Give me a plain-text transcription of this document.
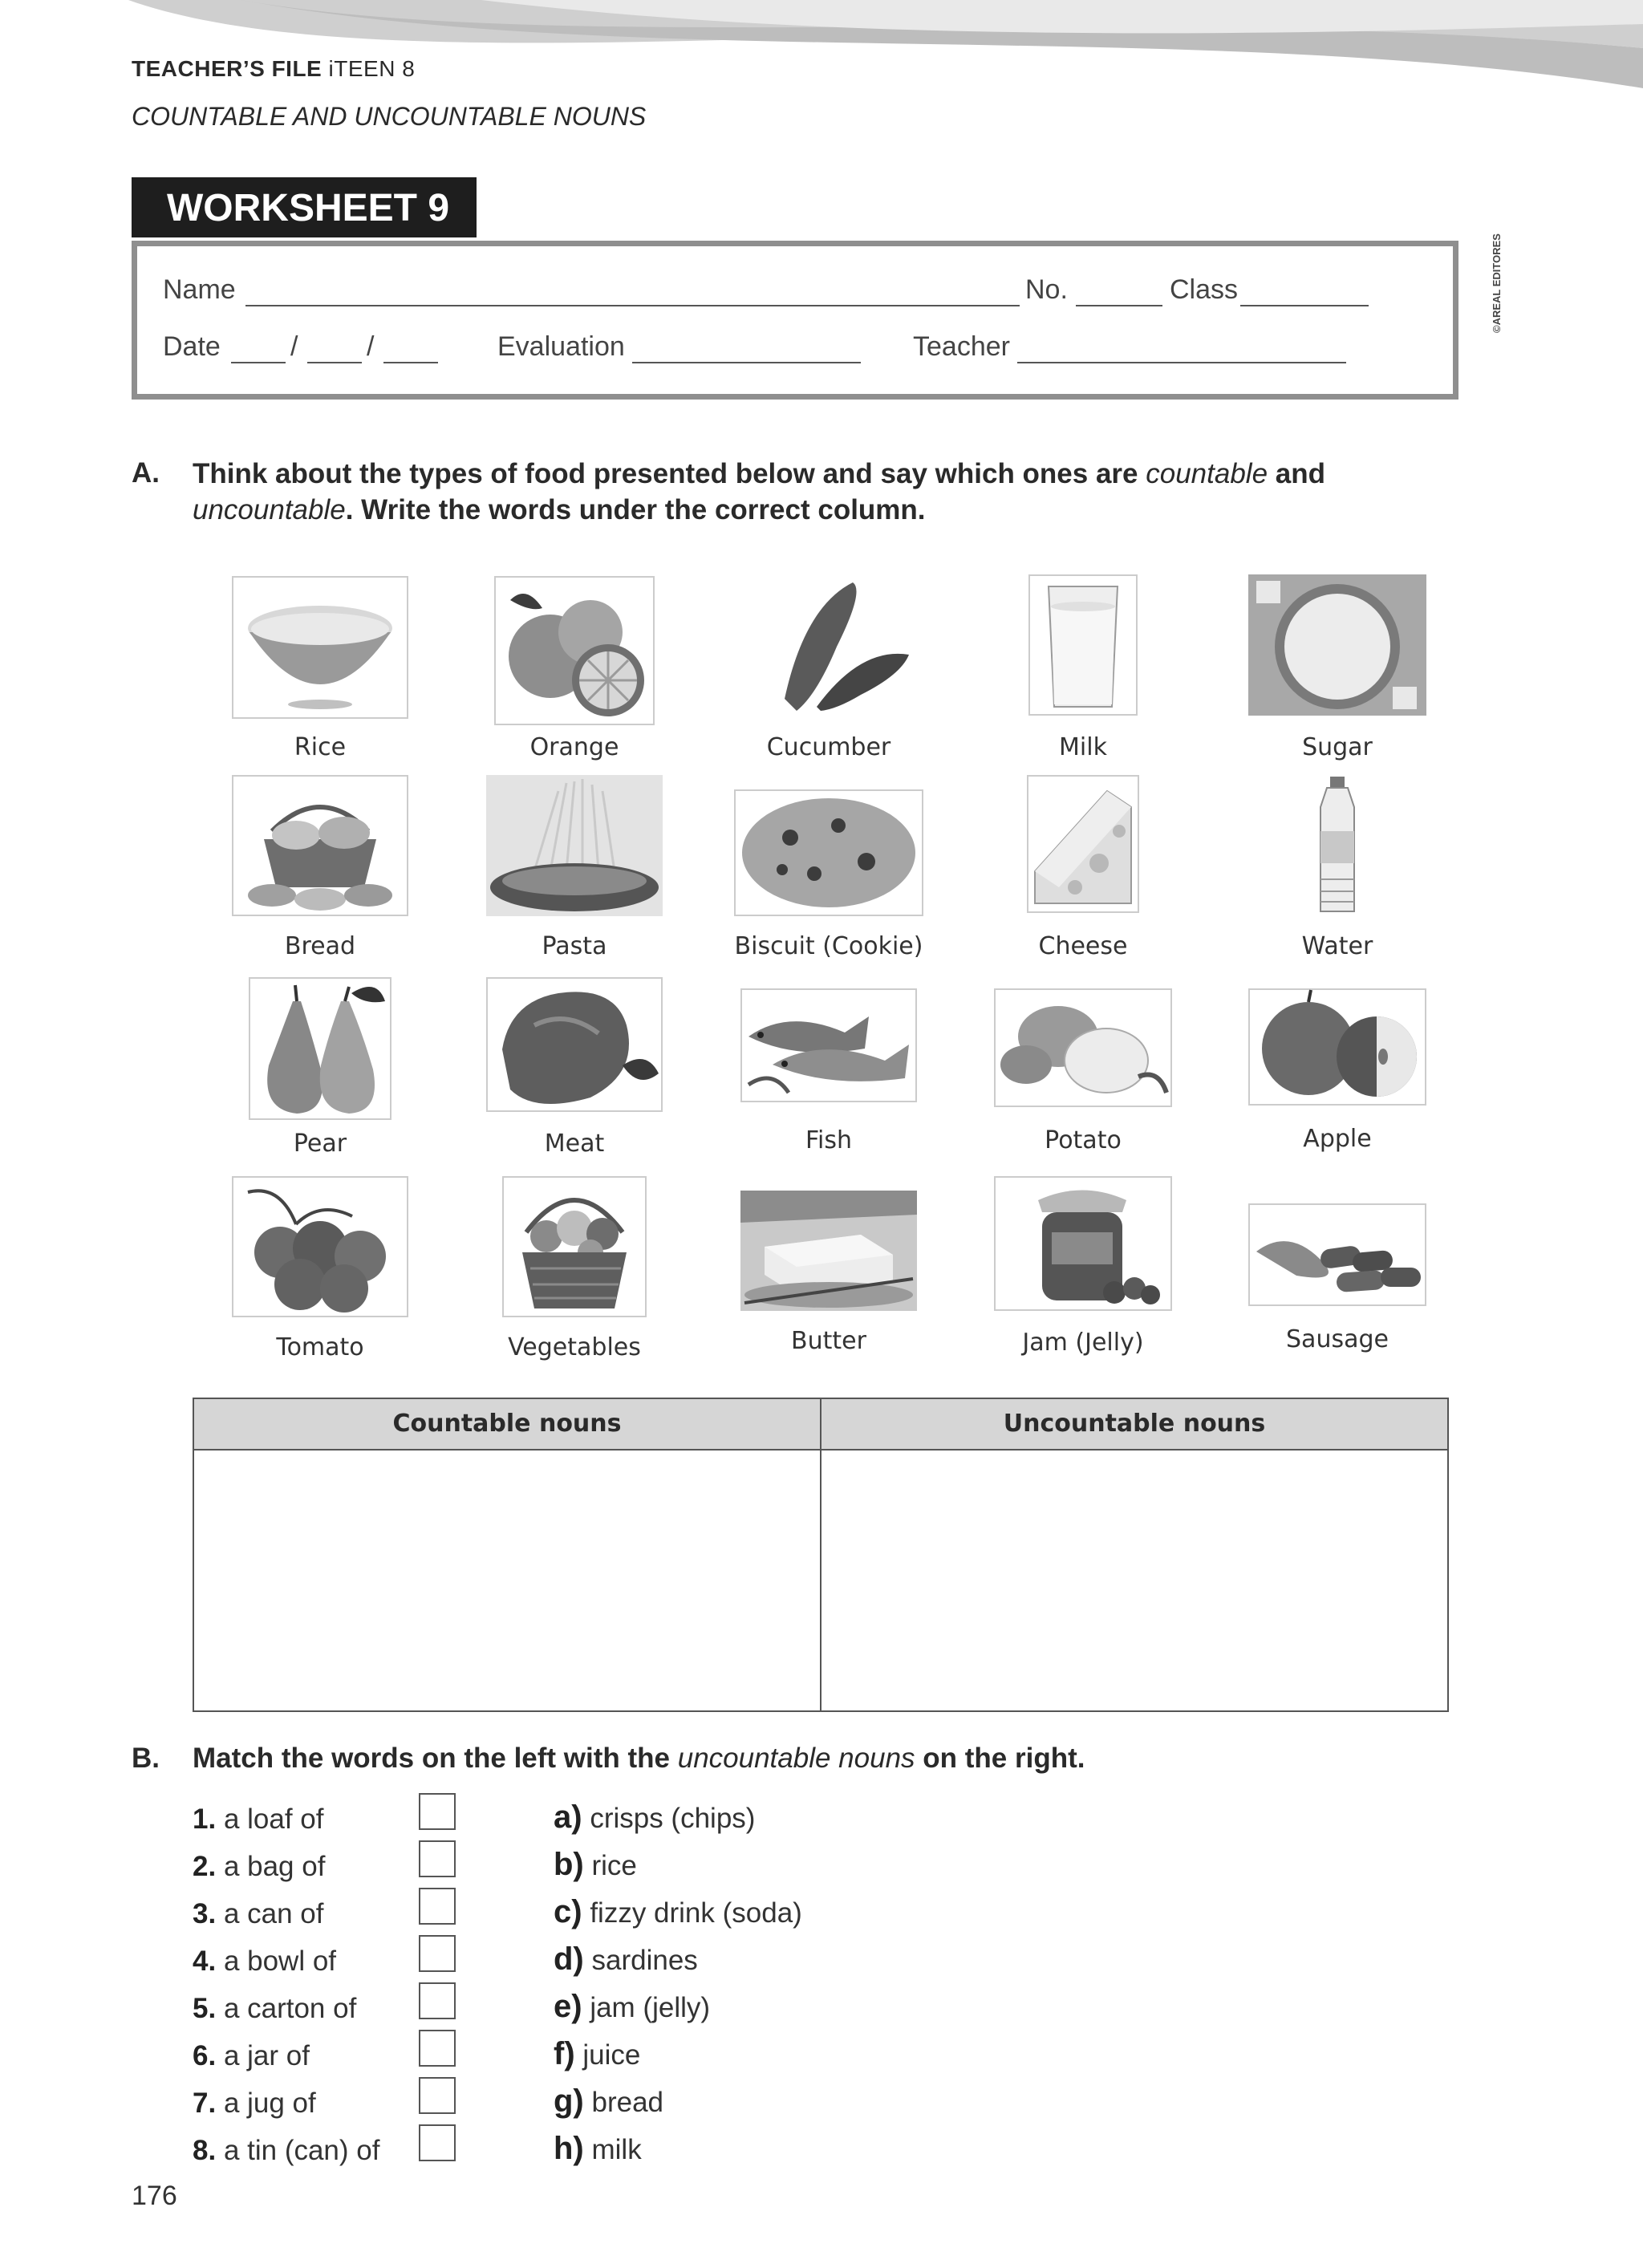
TEACHER’S FILE iTEEN 8
COUNTABLE AND UNCOUNTABLE NOUNS
WORKSHEET 9
Name	No.	Class
Date	/	/	Evaluation	Teacher
©AREAL EDITORES
A. Think about the types of food presented below and say which ones are countable and
uncountable. Write the words under the correct column.
Rice	Orange	Cucumber	Milk	Sugar
Bread	Pasta	Biscuit (Cookie)	Cheese	Water
Pear	Meat	Fish	Potato	Apple
Tomato	Vegetables	Butter	Jam (Jelly)	Sausage
Countable nouns	Uncountable nouns
B. Match the words on the left with the uncountable nouns on the right.
1. a loaf of
2. a bag of
3. a can of
4. a bowl of
5. a carton of
6. a jar of
7. a jug of
8. a tin (can) of
a) crisps (chips)
b) rice
c) fizzy drink (soda)
d) sardines
e) jam (jelly)
f) juice
g) bread
h) milk
176
